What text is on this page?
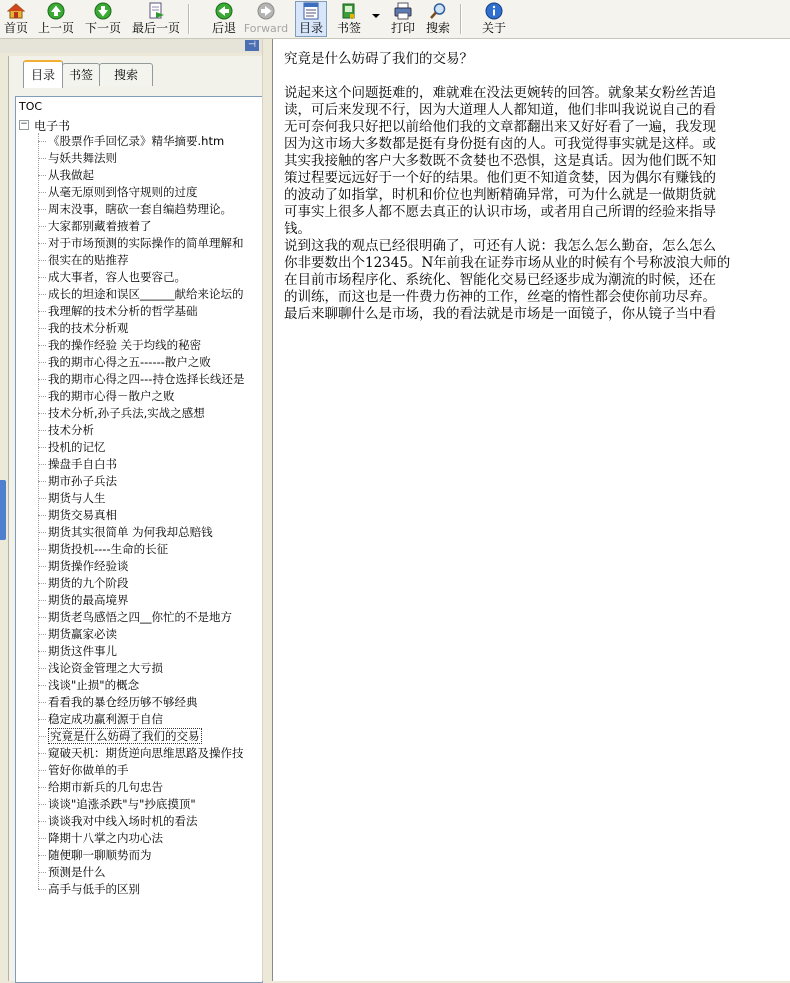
首页 上一页 下一页 最后一页	后退 Forward 目录 书签 打印 搜索	关于
⊣
目录	书签	搜索
TOC
− 电子书
《股票作手回忆录》精华摘要.htm
与妖共舞法则
从我做起
从毫无原则到恪守规则的过度
周末没事，瞎砍一套自编趋势理论。
大家都别藏着掖着了
对于市场预测的实际操作的简单理解和
很实在的贴推荐
成大事者，容人也要容己。
成长的坦途和误区______献给来论坛的
我理解的技术分析的哲学基础
我的技术分析观
我的操作经验 关于均线的秘密
我的期市心得之五------散户之败
我的期市心得之四---持仓选择长线还是
我的期市心得－散户之败
技术分析,孙子兵法,实战之感想
技术分析
投机的记忆
操盘手自白书
期市孙子兵法
期货与人生
期货交易真相
期货其实很简单 为何我却总赔钱
期货投机----生命的长征
期货操作经验谈
期货的九个阶段
期货的最高境界
期货老鸟感悟之四__你忙的不是地方
期货赢家必读
期货这件事儿
浅论资金管理之大亏损
浅谈"止损"的概念
看看我的暴仓经历够不够经典
稳定成功赢利源于自信
究竟是什么妨碍了我们的交易
窥破天机：期货逆向思维思路及操作技
管好你做单的手
给期市新兵的几句忠告
谈谈"追涨杀跌"与"抄底摸顶"
谈谈我对中线入场时机的看法
降期十八掌之内功心法
随便聊一聊顺势而为
预测是什么
高手与低手的区别
究竟是什么妨碍了我们的交易？

说起来这个问题挺难的，难就难在没法更婉转的回答。就象某女粉丝苦追

读，可后来发现不行，因为大道理人人都知道，他们非叫我说说自己的看

无可奈何我只好把以前给他们我的文章都翻出来又好好看了一遍，我发现

因为这市场大多数都是挺有身份挺有卤的人。可我觉得事实就是这样。或

其实我接触的客户大多数既不贪婪也不恐惧，这是真话。因为他们既不知

策过程要远远好于一个好的结果。他们更不知道贪婪，因为偶尔有赚钱的

的波动了如指掌，时机和价位也判断精确异常，可为什么就是一做期货就

可事实上很多人都不愿去真正的认识市场，或者用自己所谓的经验来指导

钱。

说到这我的观点已经很明确了，可还有人说：我怎么怎么勤奋，怎么怎么

你非要数出个12345。N年前我在证券市场从业的时候有个号称波浪大师的

在目前市场程序化、系统化、智能化交易已经逐步成为潮流的时候，还在

的训练，而这也是一件费力伤神的工作，丝毫的惰性都会使你前功尽弃。

最后来聊聊什么是市场，我的看法就是市场是一面镜子，你从镜子当中看
